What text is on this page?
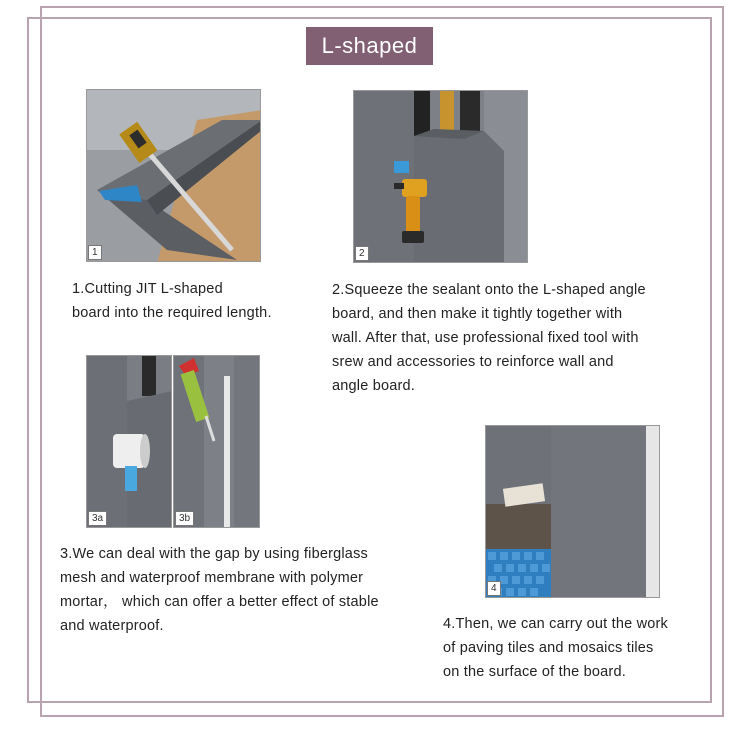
L-shaped
1	2
3a	3b
4

1.Cutting JIT L-shaped

board into the required length.

2.Squeeze the sealant onto the L-shaped angle

board, and then make it tightly together with

wall. After that, use professional fixed tool with

srew and accessories to reinforce wall and

angle board.

3.We can deal with the gap by using fiberglass

mesh and waterproof membrane with polymer

mortar， which can offer a better effect of stable

and waterproof.	4.Then, we can carry out the work

of paving tiles and mosaics tiles

on the surface of the board.
